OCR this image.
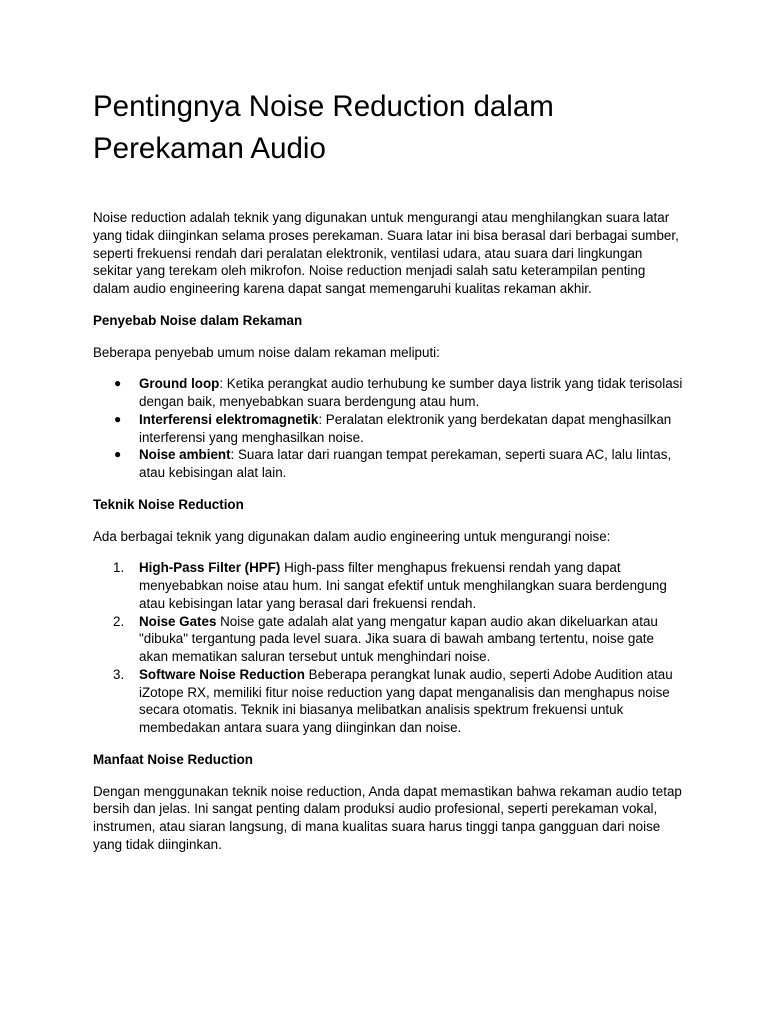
Pentingnya Noise Reduction dalam Perekaman Audio

Noise reduction adalah teknik yang digunakan untuk mengurangi atau menghilangkan suara latar yang tidak diinginkan selama proses perekaman. Suara latar ini bisa berasal dari berbagai sumber, seperti frekuensi rendah dari peralatan elektronik, ventilasi udara, atau suara dari lingkungan sekitar yang terekam oleh mikrofon. Noise reduction menjadi salah satu keterampilan penting dalam audio engineering karena dapat sangat memengaruhi kualitas rekaman akhir.

Penyebab Noise dalam Rekaman

Beberapa penyebab umum noise dalam rekaman meliputi:

●	Ground loop: Ketika perangkat audio terhubung ke sumber daya listrik yang tidak terisolasi dengan baik, menyebabkan suara berdengung atau hum.
●	Interferensi elektromagnetik: Peralatan elektronik yang berdekatan dapat menghasilkan interferensi yang menghasilkan noise.
●	Noise ambient: Suara latar dari ruangan tempat perekaman, seperti suara AC, lalu lintas, atau kebisingan alat lain.
Teknik Noise Reduction

Ada berbagai teknik yang digunakan dalam audio engineering untuk mengurangi noise:

1.	High-Pass Filter (HPF) High-pass filter menghapus frekuensi rendah yang dapat menyebabkan noise atau hum. Ini sangat efektif untuk menghilangkan suara berdengung atau kebisingan latar yang berasal dari frekuensi rendah.
2.	Noise Gates Noise gate adalah alat yang mengatur kapan audio akan dikeluarkan atau "dibuka" tergantung pada level suara. Jika suara di bawah ambang tertentu, noise gate akan mematikan saluran tersebut untuk menghindari noise.
3.	Software Noise Reduction Beberapa perangkat lunak audio, seperti Adobe Audition atau iZotope RX, memiliki fitur noise reduction yang dapat menganalisis dan menghapus noise secara otomatis. Teknik ini biasanya melibatkan analisis spektrum frekuensi untuk membedakan antara suara yang diinginkan dan noise.
Manfaat Noise Reduction

Dengan menggunakan teknik noise reduction, Anda dapat memastikan bahwa rekaman audio tetap bersih dan jelas. Ini sangat penting dalam produksi audio profesional, seperti perekaman vokal, instrumen, atau siaran langsung, di mana kualitas suara harus tinggi tanpa gangguan dari noise yang tidak diinginkan.
